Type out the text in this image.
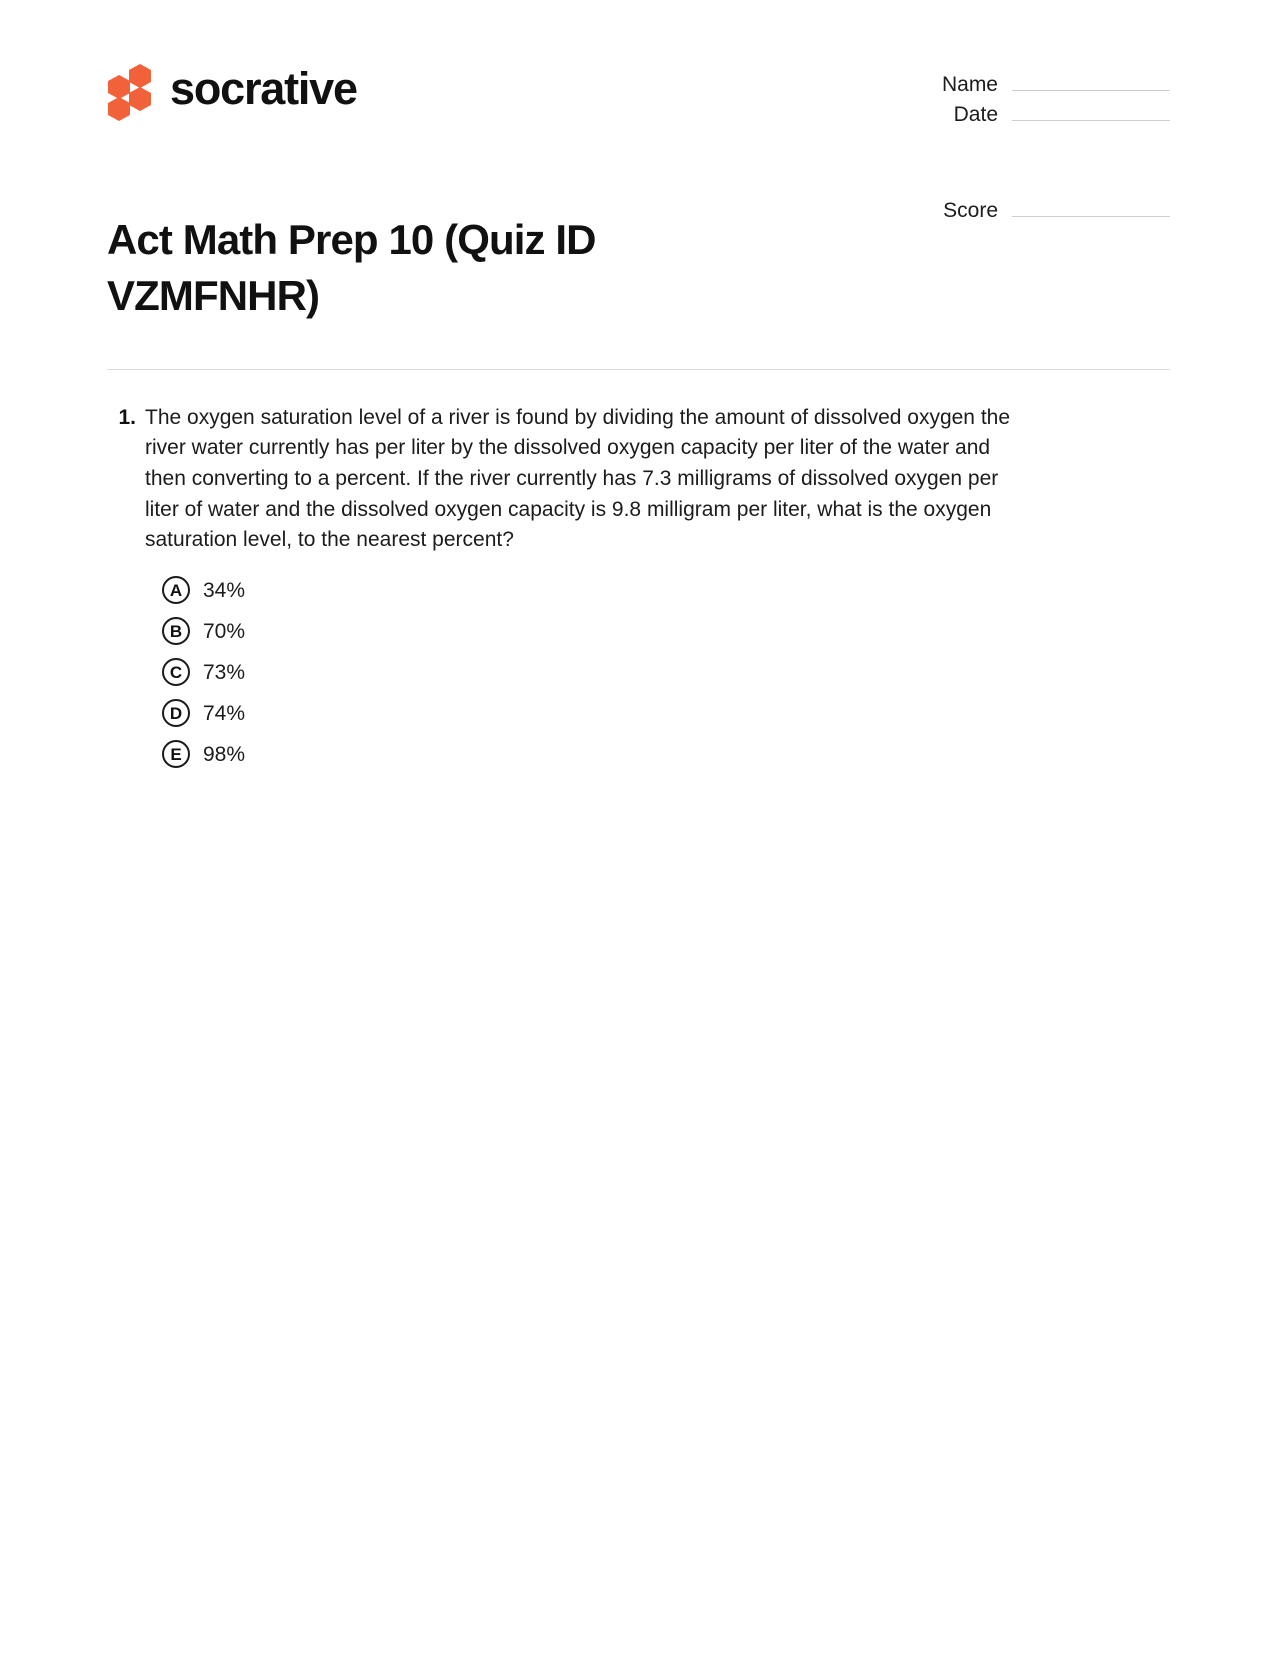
socrative	Name
Date
Score
Act Math Prep 10 (Quiz ID VZMFNHR)
1. The oxygen saturation level of a river is found by dividing the amount of dissolved oxygen the river water currently has per liter by the dissolved oxygen capacity per liter of the water and then converting to a percent. If the river currently has 7.3 milligrams of dissolved oxygen per liter of water and the dissolved oxygen capacity is 9.8 milligram per liter, what is the oxygen saturation level, to the nearest percent?
A 34%
B 70%
C 73%
D 74%
E	98%
